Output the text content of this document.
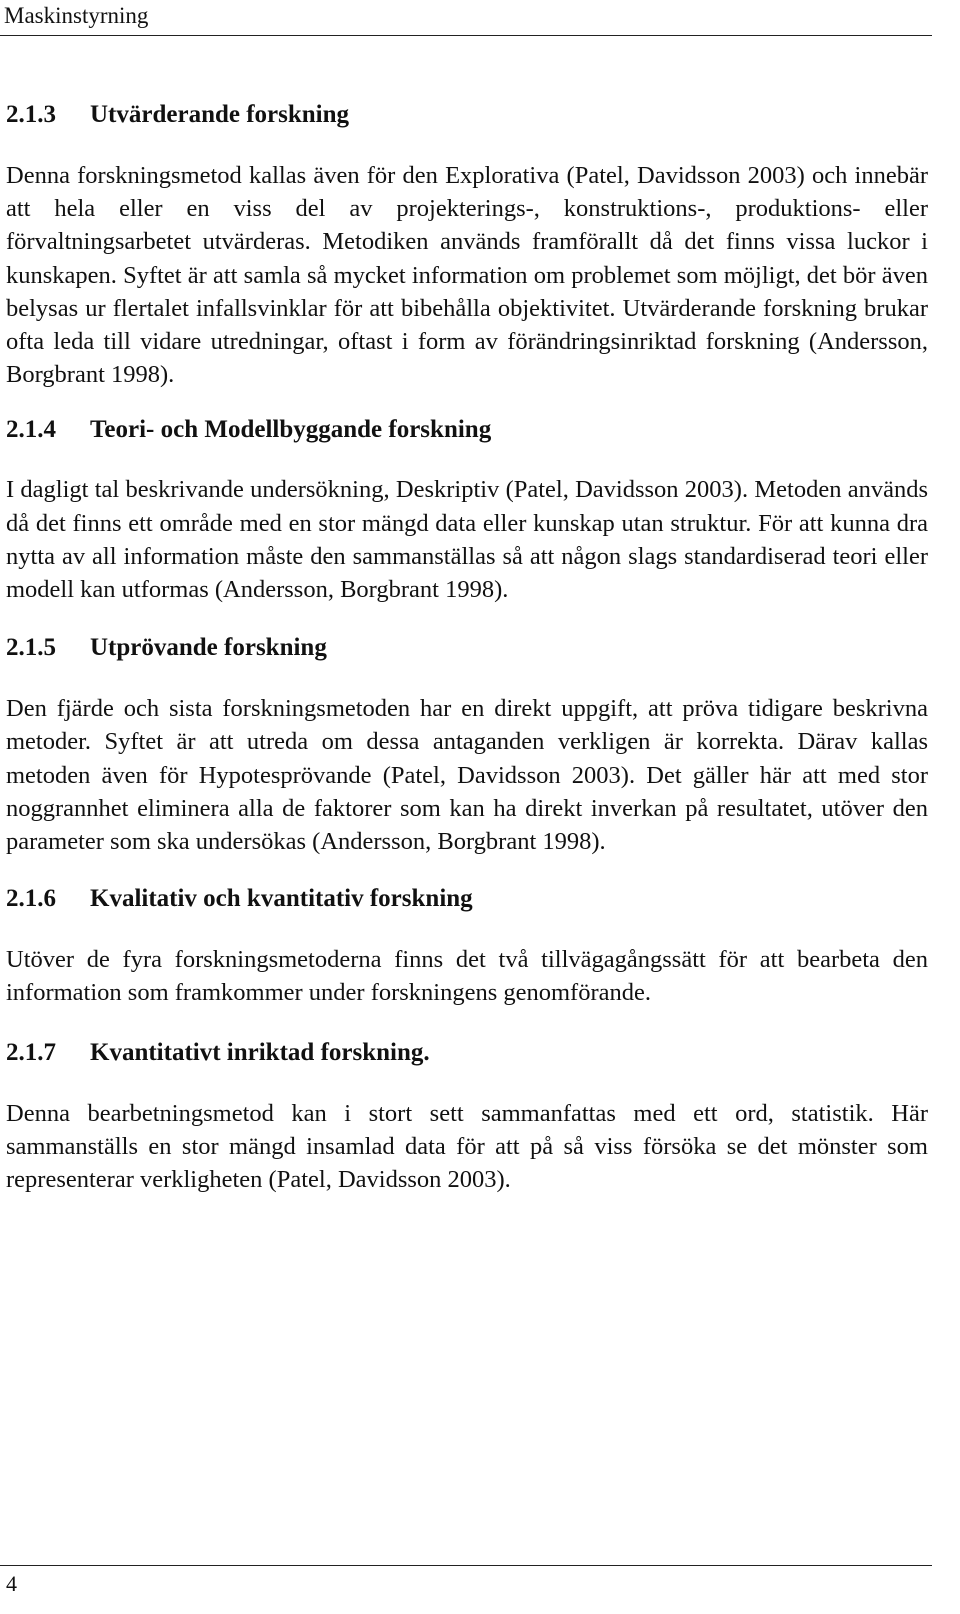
Maskinstyrning
2.1.3	Utvärderande forskning

Denna forskningsmetod kallas även för den Explorativa (Patel, Davidsson 2003) och innebär att hela eller en viss del av projekterings-, konstruktions-, produktions- eller förvaltningsarbetet utvärderas. Metodiken används framförallt då det finns vissa luckor i kunskapen. Syftet är att samla så mycket information om problemet som möjligt, det bör även belysas ur flertalet infallsvinklar för att bibehålla objektivitet. Utvärderande forskning brukar ofta leda till vidare utredningar, oftast i form av förändringsinriktad forskning (Andersson, Borgbrant 1998).

2.1.4	Teori- och Modellbyggande forskning

I dagligt tal beskrivande undersökning, Deskriptiv (Patel, Davidsson 2003). Metoden används då det finns ett område med en stor mängd data eller kunskap utan struktur. För att kunna dra nytta av all information måste den sammanställas så att någon slags standardiserad teori eller modell kan utformas (Andersson, Borgbrant 1998).

2.1.5	Utprövande forskning

Den fjärde och sista forskningsmetoden har en direkt uppgift, att pröva tidigare beskrivna metoder. Syftet är att utreda om dessa antaganden verkligen är korrekta. Därav kallas metoden även för Hypotesprövande (Patel, Davidsson 2003). Det gäller här att med stor noggrannhet eliminera alla de faktorer som kan ha direkt inverkan på resultatet, utöver den parameter som ska undersökas (Andersson, Borgbrant 1998).

2.1.6	Kvalitativ och kvantitativ forskning

Utöver de fyra forskningsmetoderna finns det två tillvägagångssätt för att bearbeta den information som framkommer under forskningens genomförande.

2.1.7	Kvantitativt inriktad forskning.

Denna bearbetningsmetod kan i stort sett sammanfattas med ett ord, statistik. Här sammanställs en stor mängd insamlad data för att på så viss försöka se det mönster som representerar verkligheten (Patel, Davidsson 2003).

4
